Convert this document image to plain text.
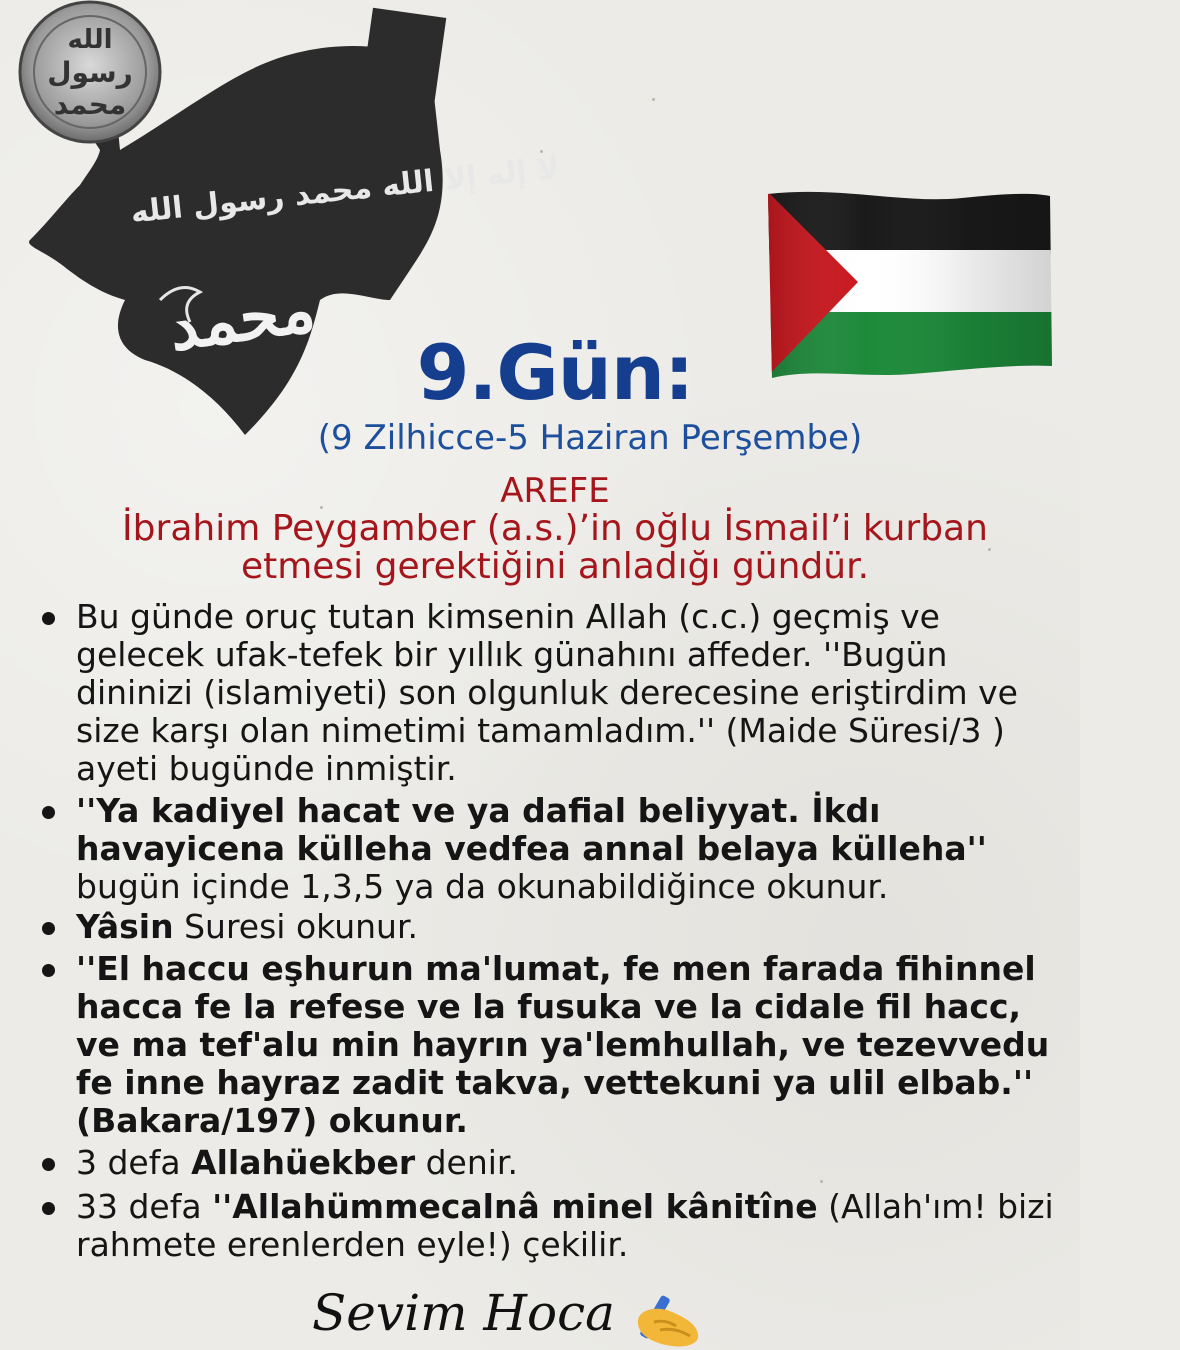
الله
رسول
محمد
لا إله إلا الله محمد رسول الله
محمد
9.Gün:
(9 Zilhicce-5 Haziran Perşembe)
AREFE
İbrahim Peygamber (a.s.)’in oğlu İsmail’i kurban
etmesi gerektiğini anladığı gündür.
Bu günde oruç tutan kimsenin Allah (c.c.) geçmiş ve gelecek ufak-tefek bir yıllık günahını affeder. ''Bugün dininizi (islamiyeti) son olgunluk derecesine eriştirdim ve size karşı olan nimetimi tamamladım.'' (Maide Süresi/3 ) ayeti bugünde inmiştir.
''Ya kadiyel hacat ve ya dafial beliyyat. İkdı havayicena külleha vedfea annal belaya külleha'' bugün içinde 1,3,5 ya da okunabildiğince okunur.
Yâsin Suresi okunur.
''El haccu eşhurun ma'lumat, fe men farada fihinnel hacca fe la refese ve la fusuka ve la cidale fil hacc, ve ma tef'alu min hayrın ya'lemhullah, ve tezevvedu fe inne hayraz zadit takva, vettekuni ya ulil elbab.'' (Bakara/197) okunur.
3 defa Allahüekber denir.
33 defa ''Allahümmecalnâ minel kânitîne (Allah'ım! bizi rahmete erenlerden eyle!) çekilir.
Sevim Hoca
